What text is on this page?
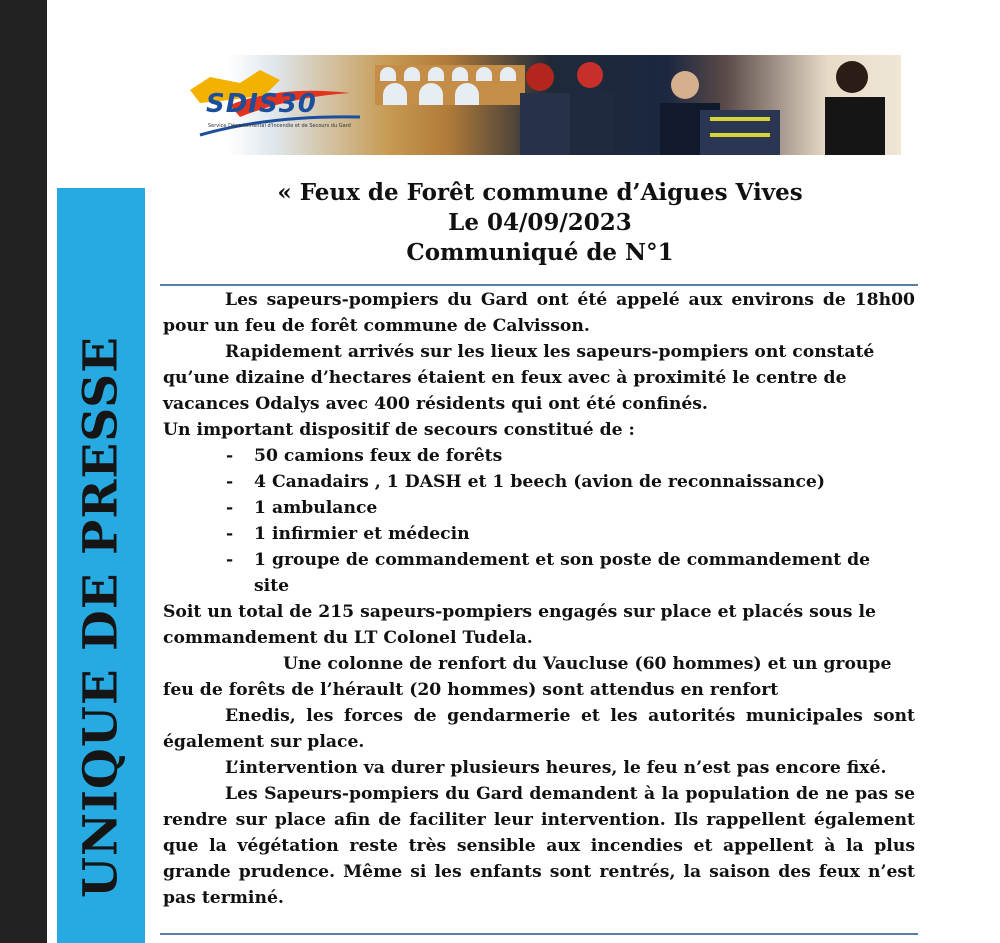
UNIQUE DE PRESSE
SDIS30
Service Départemental d'Incendie et de Secours du Gard
« Feux de Forêt commune d’Aigues Vives
Le 04/09/2023
Communiqué de N°1

Les sapeurs-pompiers du Gard ont été appelé aux environs de 18h00

pour un feu de forêt commune de Calvisson.

Rapidement arrivés sur les lieux les sapeurs-pompiers ont constaté

qu’une dizaine d’hectares étaient en feux avec à proximité le centre de

vacances Odalys avec 400 résidents qui ont été confinés.

Un important dispositif de secours constitué de :

- 50 camions feux de forêts
- 4 Canadairs , 1 DASH et 1 beech (avion de reconnaissance)
- 1 ambulance
- 1 infirmier et médecin
- 1 groupe de commandement et son poste de commandement de site

Soit un total de 215 sapeurs-pompiers engagés sur place et placés sous le

commandement du LT Colonel Tudela.

Une colonne de renfort du Vaucluse (60 hommes) et un groupe

feu de forêts de l’hérault (20 hommes) sont attendus en renfort

Enedis, les forces de gendarmerie et les autorités municipales sont

également sur place.

L’intervention va durer plusieurs heures, le feu n’est pas encore fixé.

Les Sapeurs-pompiers du Gard demandent à la population de ne pas se rendre sur place afin de faciliter leur intervention. Ils rappellent également que la végétation reste très sensible aux incendies et appellent à la plus grande prudence. Même si les enfants sont rentrés, la saison des feux n’est pas terminé.
